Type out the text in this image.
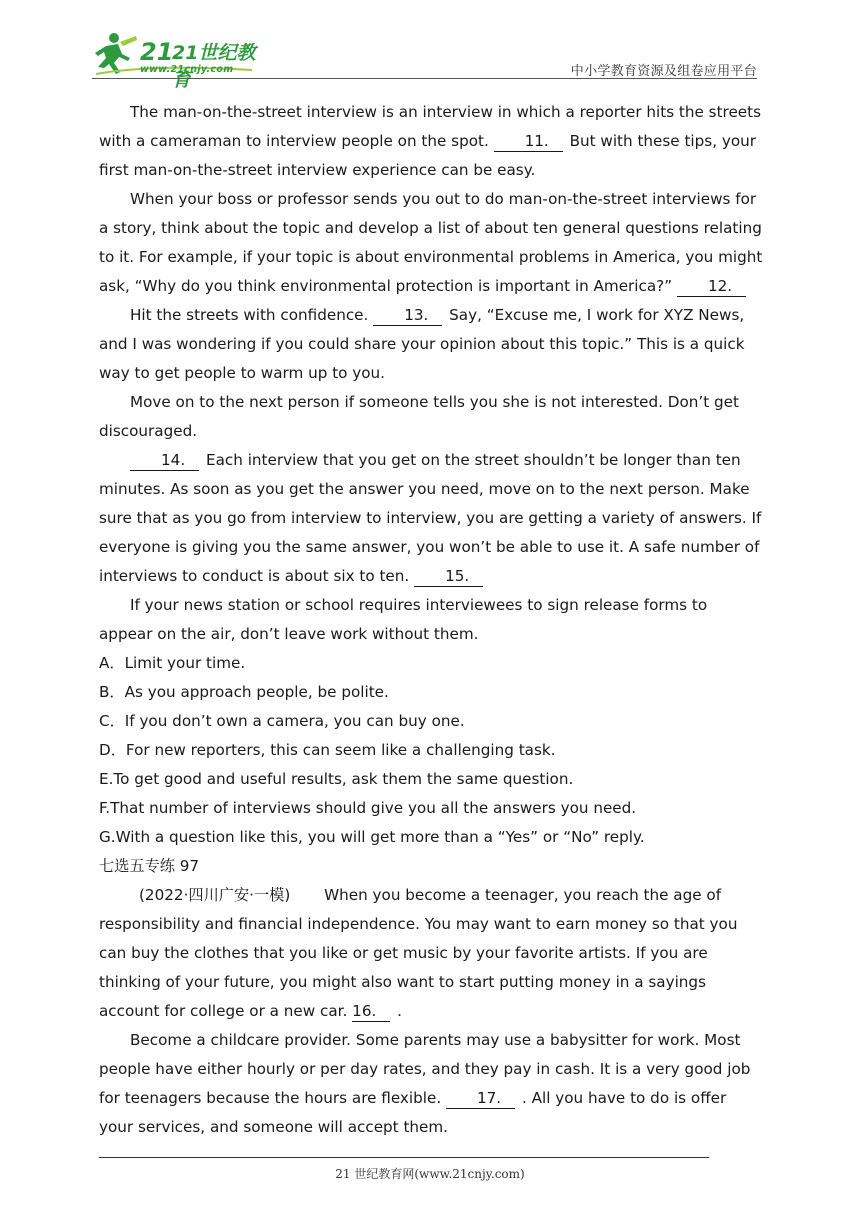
21
21世纪教育
www.21cnjy.com	中小学教育资源及组卷应用平台

The man-on-the-street interview is an interview in which a reporter hits the streets with a cameraman to interview people on the spot. 11. But with these tips, your first man-on-the-street interview experience can be easy.

When your boss or professor sends you out to do man-on-the-street interviews for a story, think about the topic and develop a list of about ten general questions relating to it. For example, if your topic is about environmental problems in America, you might ask, “Why do you think environmental protection is important in America?” 12.

Hit the streets with confidence. 13. Say, “Excuse me, I work for XYZ News, and I was wondering if you could share your opinion about this topic.” This is a quick way to get people to warm up to you.

Move on to the next person if someone tells you she is not interested. Don’t get discouraged.

14. Each interview that you get on the street shouldn’t be longer than ten minutes. As soon as you get the answer you need, move on to the next person. Make sure that as you go from interview to interview, you are getting a variety of answers. If everyone is giving you the same answer, you won’t be able to use it. A safe number of interviews to conduct is about six to ten. 15.

If your news station or school requires interviewees to sign release forms to appear on the air, don’t leave work without them.

A．Limit your time.

B．As you approach people, be polite.

C．If you don’t own a camera, you can buy one.

D．For new reporters, this can seem like a challenging task.

E.To get good and useful results, ask them the same question.

F.That number of interviews should give you all the answers you need.

G.With a question like this, you will get more than a “Yes” or “No” reply.

七选五专练 97

(2022·四川广安·一模) When you become a teenager, you reach the age of responsibility and financial independence. You may want to earn money so that you can buy the clothes that you like or get music by your favorite artists. If you are thinking of your future, you might also want to start putting money in a sayings account for college or a new car. 16. .

Become a childcare provider. Some parents may use a babysitter for work. Most people have either hourly or per day rates, and they pay in cash. It is a very good job for teenagers because the hours are flexible. 17. . All you have to do is offer your services, and someone will accept them.

21 世纪教育网(www.21cnjy.com)
